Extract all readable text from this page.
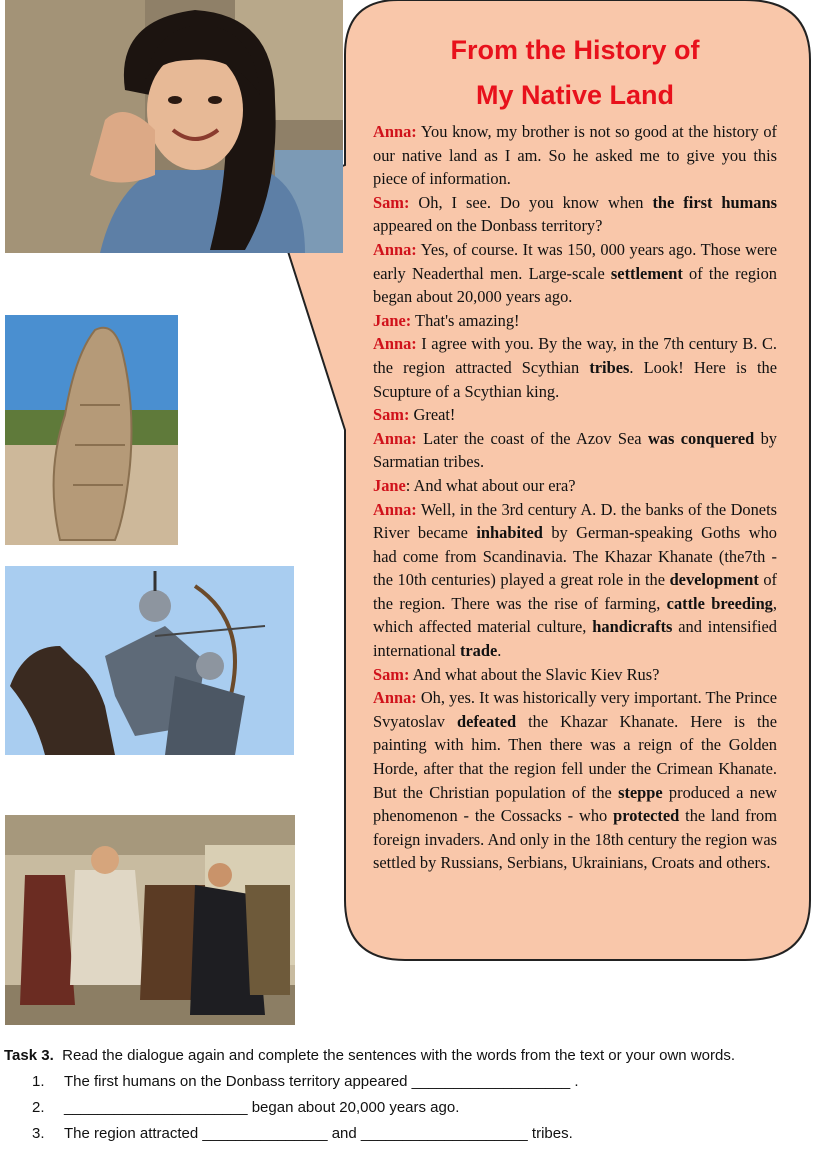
From the History of
My Native Land

Anna: You know, my brother is not so good at the history of our native land as I am. So he asked me to give you this piece of information.

Sam: Oh, I see. Do you know when the first humans appeared on the Donbass territory?

Anna: Yes, of course. It was 150, 000 years ago. Those were early Neaderthal men. Large-scale settlement of the region began about 20,000 years ago.

Jane: That's amazing!

Anna: I agree with you. By the way, in the 7th century B. C. the region attracted Scythian tribes. Look! Here is the Scupture of a Scythian king.

Sam: Great!

Anna: Later the coast of the Azov Sea was conquered by Sarmatian tribes.

Jane: And what about our era?

Anna: Well, in the 3rd century A. D. the banks of the Donets River became inhabited by German-speaking Goths who had come from Scandinavia. The Khazar Khanate (the7th - the 10th centuries) played a great role in the development of the region. There was the rise of farming, cattle breeding, which affected material culture, handicrafts and intensified international trade.

Sam: And what about the Slavic Kiev Rus?

Anna: Oh, yes. It was historically very important. The Prince Svyatoslav defeated the Khazar Khanate. Here is the painting with him. Then there was a reign of the Golden Horde, after that the region fell under the Crimean Khanate. But the Christian population of the steppe produced a new phenomenon - the Cossacks - who protected the land from foreign invaders. And only in the 18th century the region was settled by Russians, Serbians, Ukrainians, Croats and others.

Task 3. Read the dialogue again and complete the sentences with the words from the text or your own words.
1.	The first humans on the Donbass territory appeared ___________________ .
2.	______________________ began about 20,000 years ago.
3.	The region attracted _______________ and ____________________ tribes.
